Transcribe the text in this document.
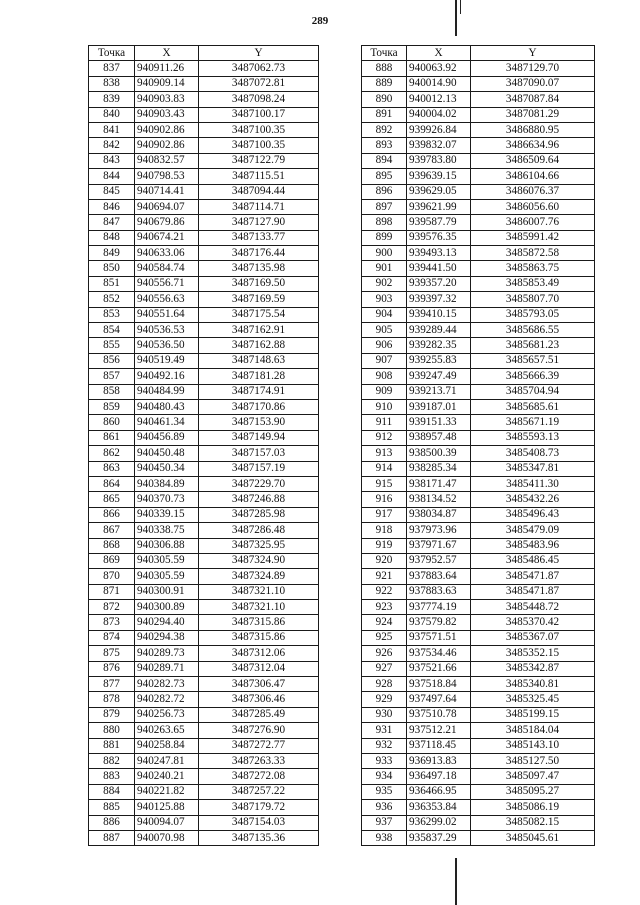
289
Точка	X	Y
837	940911.26	3487062.73
838	940909.14	3487072.81
839	940903.83	3487098.24
840	940903.43	3487100.17
841	940902.86	3487100.35
842	940902.86	3487100.35
843	940832.57	3487122.79
844	940798.53	3487115.51
845	940714.41	3487094.44
846	940694.07	3487114.71
847	940679.86	3487127.90
848	940674.21	3487133.77
849	940633.06	3487176.44
850	940584.74	3487135.98
851	940556.71	3487169.50
852	940556.63	3487169.59
853	940551.64	3487175.54
854	940536.53	3487162.91
855	940536.50	3487162.88
856	940519.49	3487148.63
857	940492.16	3487181.28
858	940484.99	3487174.91
859	940480.43	3487170.86
860	940461.34	3487153.90
861	940456.89	3487149.94
862	940450.48	3487157.03
863	940450.34	3487157.19
864	940384.89	3487229.70
865	940370.73	3487246.88
866	940339.15	3487285.98
867	940338.75	3487286.48
868	940306.88	3487325.95
869	940305.59	3487324.90
870	940305.59	3487324.89
871	940300.91	3487321.10
872	940300.89	3487321.10
873	940294.40	3487315.86
874	940294.38	3487315.86
875	940289.73	3487312.06
876	940289.71	3487312.04
877	940282.73	3487306.47
878	940282.72	3487306.46
879	940256.73	3487285.49
880	940263.65	3487276.90
881	940258.84	3487272.77
882	940247.81	3487263.33
883	940240.21	3487272.08
884	940221.82	3487257.22
885	940125.88	3487179.72
886	940094.07	3487154.03
887	940070.98	3487135.36
Точка	X	Y
888	940063.92	3487129.70
889	940014.90	3487090.07
890	940012.13	3487087.84
891	940004.02	3487081.29
892	939926.84	3486880.95
893	939832.07	3486634.96
894	939783.80	3486509.64
895	939639.15	3486104.66
896	939629.05	3486076.37
897	939621.99	3486056.60
898	939587.79	3486007.76
899	939576.35	3485991.42
900	939493.13	3485872.58
901	939441.50	3485863.75
902	939357.20	3485853.49
903	939397.32	3485807.70
904	939410.15	3485793.05
905	939289.44	3485686.55
906	939282.35	3485681.23
907	939255.83	3485657.51
908	939247.49	3485666.39
909	939213.71	3485704.94
910	939187.01	3485685.61
911	939151.33	3485671.19
912	938957.48	3485593.13
913	938500.39	3485408.73
914	938285.34	3485347.81
915	938171.47	3485411.30
916	938134.52	3485432.26
917	938034.87	3485496.43
918	937973.96	3485479.09
919	937971.67	3485483.96
920	937952.57	3485486.45
921	937883.64	3485471.87
922	937883.63	3485471.87
923	937774.19	3485448.72
924	937579.82	3485370.42
925	937571.51	3485367.07
926	937534.46	3485352.15
927	937521.66	3485342.87
928	937518.84	3485340.81
929	937497.64	3485325.45
930	937510.78	3485199.15
931	937512.21	3485184.04
932	937118.45	3485143.10
933	936913.83	3485127.50
934	936497.18	3485097.47
935	936466.95	3485095.27
936	936353.84	3485086.19
937	936299.02	3485082.15
938	935837.29	3485045.61
